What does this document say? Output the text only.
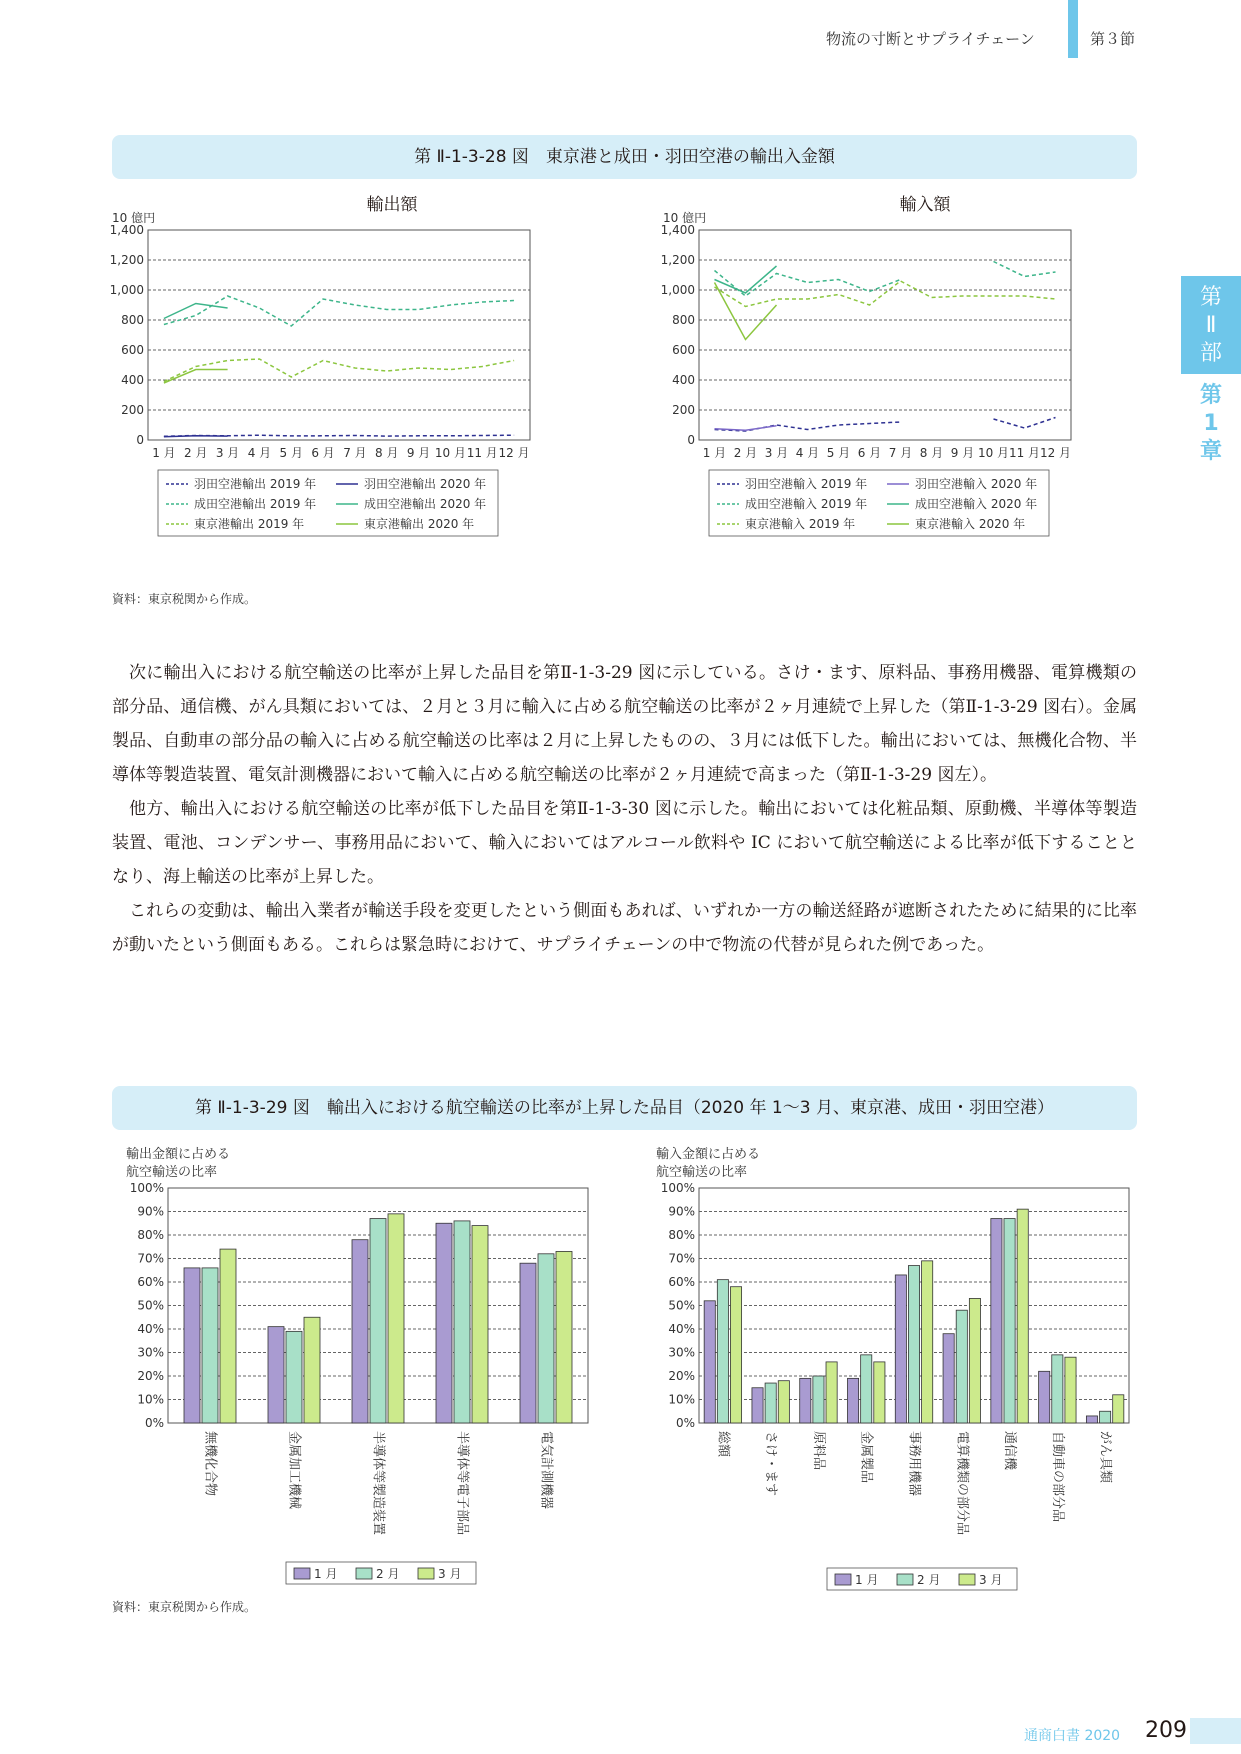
物流の寸断とサプライチェーン	第３節
第
Ⅱ
部
第
1
章
第 Ⅱ-1-3-28 図　東京港と成田・羽田空港の輸出入金額
輸出額	輸入額
10 億円
0
200
400
600
800
1,000
1,200
1,400
1 月 2 月 3 月 4 月 5 月 6 月 7 月 8 月 9 月 10 月 11 月 12 月
羽田空港輸出 2019 年	羽田空港輸出 2020 年
成田空港輸出 2019 年	成田空港輸出 2020 年
東京港輸出 2019 年	東京港輸出 2020 年
10 億円
0
200
400
600
800
1,000
1,200
1,400
1 月 2 月 3 月 4 月 5 月 6 月 7 月 8 月 9 月 10 月 11 月 12 月
羽田空港輸入 2019 年	羽田空港輸入 2020 年
成田空港輸入 2019 年	成田空港輸入 2020 年
東京港輸入 2019 年	東京港輸入 2020 年
資料：東京税関から作成。

次に輸出入における航空輸送の比率が上昇した品目を第Ⅱ-1-3-29 図に示している。さけ・ます、原料品、事務用機器、電算機類の部分品、通信機、がん具類においては、２月と３月に輸入に占める航空輸送の比率が２ヶ月連続で上昇した（第Ⅱ-1-3-29 図右）。金属製品、自動車の部分品の輸入に占める航空輸送の比率は２月に上昇したものの、３月には低下した。輸出においては、無機化合物、半導体等製造装置、電気計測機器において輸入に占める航空輸送の比率が２ヶ月連続で高まった（第Ⅱ-1-3-29 図左）。

他方、輸出入における航空輸送の比率が低下した品目を第Ⅱ-1-3-30 図に示した。輸出においては化粧品類、原動機、半導体等製造装置、電池、コンデンサー、事務用品において、輸入においてはアルコール飲料や IC において航空輸送による比率が低下することとなり、海上輸送の比率が上昇した。

これらの変動は、輸出入業者が輸送手段を変更したという側面もあれば、いずれか一方の輸送経路が遮断されたために結果的に比率が動いたという側面もある。これらは緊急時におけて、サプライチェーンの中で物流の代替が見られた例であった。

第 Ⅱ-1-3-29 図　輸出入における航空輸送の比率が上昇した品目（2020 年 1～3 月、東京港、成田・羽田空港）
輸出金額に占める
航空輸送の比率
0%
10%
20%
30%
40%
50%
60%
70%
80%
90%
100%
無機化合物	金属加工機械	半導体等製造装置	半導体等電子部品	電気計測機器
1 月	2 月	3 月
輸入金額に占める
航空輸送の比率
0%
10%
20%
30%
40%
50%
60%
70%
80%
90%
100%
総額	さけ・ます	原料品	金属製品	事務用機器	電算機類の部分品	通信機	自動車の部分品	がん具類
1 月	2 月	3 月
資料：東京税関から作成。
通商白書 2020 209
